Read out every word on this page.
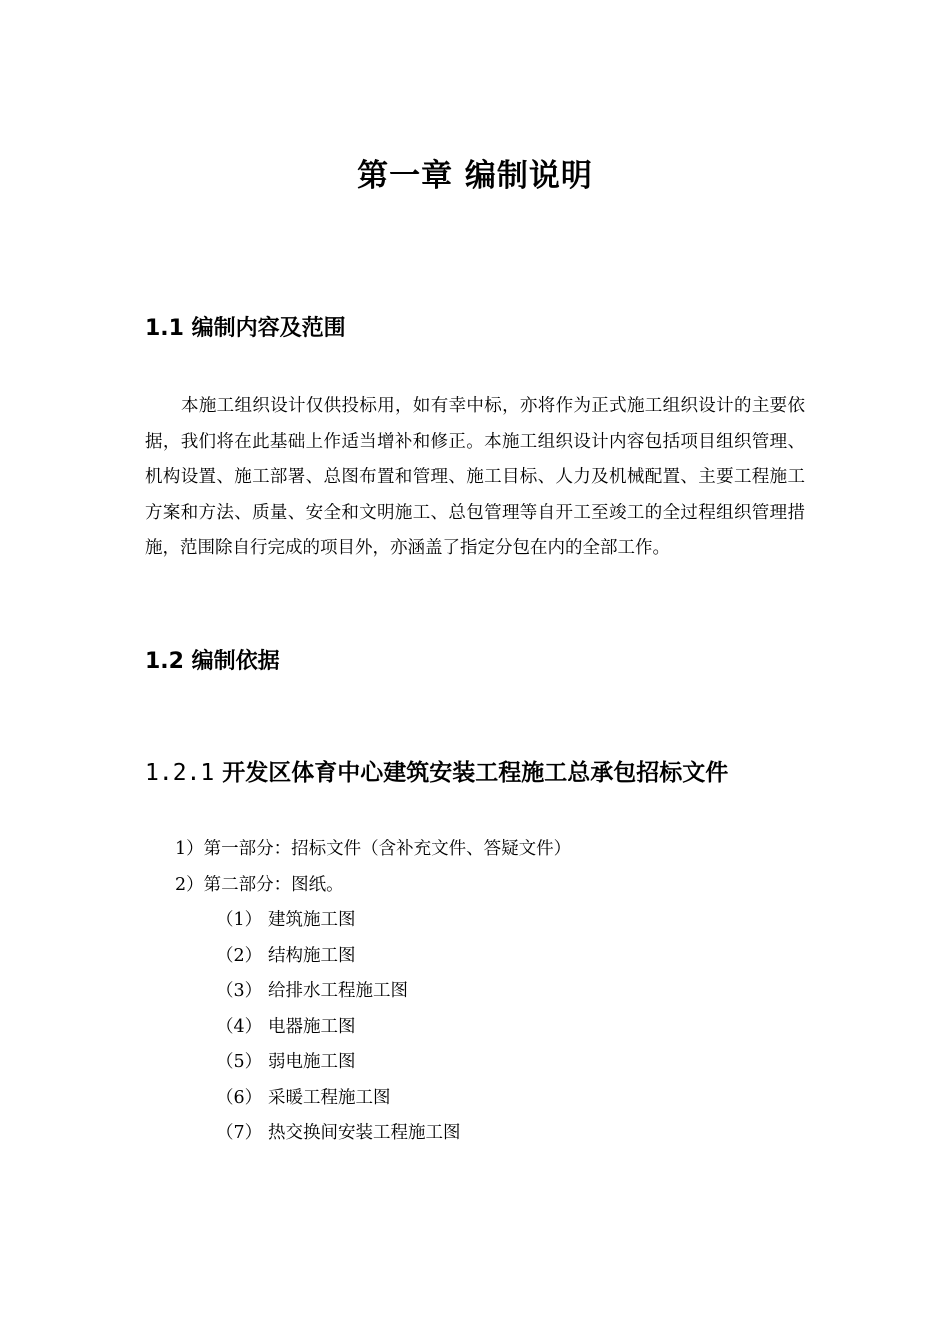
第一章 编制说明
1.1 编制内容及范围

本施工组织设计仅供投标用，如有幸中标，亦将作为正式施工组织设计的主要依据，我们将在此基础上作适当增补和修正。本施工组织设计内容包括项目组织管理、机构设置、施工部署、总图布置和管理、施工目标、人力及机械配置、主要工程施工方案和方法、质量、安全和文明施工、总包管理等自开工至竣工的全过程组织管理措施，范围除自行完成的项目外，亦涵盖了指定分包在内的全部工作。

1.2 编制依据
1.2.1 开发区体育中心建筑安装工程施工总承包招标文件
1）第一部分：招标文件（含补充文件、答疑文件）
2）第二部分：图纸。
（1） 建筑施工图
（2） 结构施工图
（3） 给排水工程施工图
（4） 电器施工图
（5） 弱电施工图
（6） 采暖工程施工图
（7） 热交换间安装工程施工图
